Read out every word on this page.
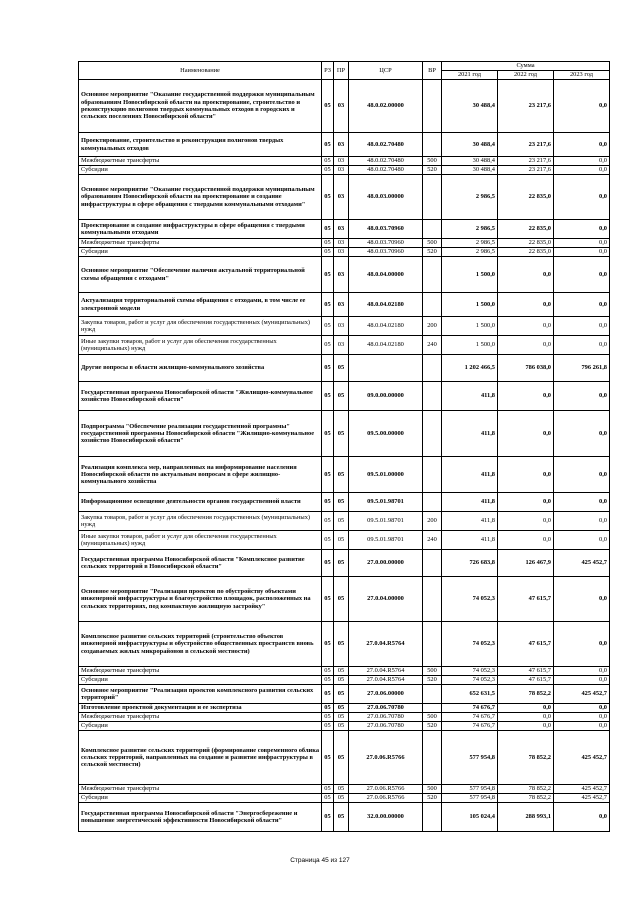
Наименование	РЗ	ПР	ЦСР	ВР	Сумма		
					2021 год	2022 год	2023 год
Основное мероприятие "Оказание государственной поддержки муниципальным образованиям Новосибирской области на проектирование, строительство и реконструкцию полигонов твердых коммунальных отходов в городских и сельских поселениях Новосибирской области"	05	03	48.0.02.00000		30 488,4	23 217,6	0,0
Проектирование, строительство и реконструкция полигонов твердых коммунальных отходов	05	03	48.0.02.70480		30 488,4	23 217,6	0,0
Межбюджетные трансферты	05	03	48.0.02.70480	500	30 488,4	23 217,6	0,0
Субсидии	05	03	48.0.02.70480	520	30 488,4	23 217,6	0,0
Основное мероприятие "Оказание государственной поддержки муниципальным образованиям Новосибирской области на проектирование и создание инфраструктуры в сфере обращения с твердыми коммунальными отходами"	05	03	48.0.03.00000		2 986,5	22 835,0	0,0
Проектирование и создание инфраструктуры в сфере обращения с твердыми коммунальными отходами	05	03	48.0.03.70960		2 986,5	22 835,0	0,0
Межбюджетные трансферты	05	03	48.0.03.70960	500	2 986,5	22 835,0	0,0
Субсидии	05	03	48.0.03.70960	520	2 986,5	22 835,0	0,0
Основное мероприятие "Обеспечение наличия актуальной территориальной схемы обращения с отходами"	05	03	48.0.04.00000		1 500,0	0,0	0,0
Актуализация территориальной схемы обращения с отходами, в том числе ее электронной модели	05	03	48.0.04.02180		1 500,0	0,0	0,0
Закупка товаров, работ и услуг для обеспечения государственных (муниципальных) нужд	05	03	48.0.04.02180	200	1 500,0	0,0	0,0
Иные закупки товаров, работ и услуг для обеспечения государственных (муниципальных) нужд	05	03	48.0.04.02180	240	1 500,0	0,0	0,0
Другие вопросы в области жилищно-коммунального хозяйства	05	05			1 202 466,5	786 038,0	796 261,8
Государственная программа Новосибирской области "Жилищно-коммунальное хозяйство Новосибирской области"	05	05	09.0.00.00000		411,8	0,0	0,0
Подпрограмма "Обеспечение реализации государственной программы" государственной программы Новосибирской области "Жилищно-коммунальное хозяйство Новосибирской области"	05	05	09.5.00.00000		411,8	0,0	0,0
Реализация комплекса мер, направленных на информирование населения Новосибирской области по актуальным вопросам в сфере жилищно-коммунального хозяйства	05	05	09.5.01.00000		411,8	0,0	0,0
Информационное освещение деятельности органов государственной власти	05	05	09.5.01.98701		411,8	0,0	0,0
Закупка товаров, работ и услуг для обеспечения государственных (муниципальных) нужд	05	05	09.5.01.98701	200	411,8	0,0	0,0
Иные закупки товаров, работ и услуг для обеспечения государственных (муниципальных) нужд	05	05	09.5.01.98701	240	411,8	0,0	0,0
Государственная программа Новосибирской области "Комплексное развитие сельских территорий в Новосибирской области"	05	05	27.0.00.00000		726 683,8	126 467,9	425 452,7
Основное мероприятие "Реализация проектов по обустройству объектами инженерной инфраструктуры и благоустройство площадок, расположенных на сельских территориях, под компактную жилищную застройку"	05	05	27.0.04.00000		74 052,3	47 615,7	0,0
Комплексное развитие сельских территорий (строительство объектов инженерной инфраструктуры и обустройство общественных пространств вновь создаваемых жилых микрорайонов в сельской местности)	05	05	27.0.04.R5764		74 052,3	47 615,7	0,0
Межбюджетные трансферты	05	05	27.0.04.R5764	500	74 052,3	47 615,7	0,0
Субсидии	05	05	27.0.04.R5764	520	74 052,3	47 615,7	0,0
Основное мероприятие "Реализация проектов комплексного развития сельских территорий"	05	05	27.0.06.00000		652 631,5	78 852,2	425 452,7
Изготовление проектной документации и ее экспертиза	05	05	27.0.06.70780		74 676,7	0,0	0,0
Межбюджетные трансферты	05	05	27.0.06.70780	500	74 676,7	0,0	0,0
Субсидии	05	05	27.0.06.70780	520	74 676,7	0,0	0,0
Комплексное развитие сельских территорий (формирование современного облика сельских территорий, направленных на создание и развитие инфраструктуры в сельской местности)	05	05	27.0.06.R5766		577 954,8	78 852,2	425 452,7
Межбюджетные трансферты	05	05	27.0.06.R5766	500	577 954,8	78 852,2	425 452,7
Субсидии	05	05	27.0.06.R5766	520	577 954,8	78 852,2	425 452,7
Государственная программа Новосибирской области "Энергосбережение и повышение энергетической эффективности Новосибирской области"	05	05	32.0.00.00000		105 024,4	288 993,1	0,0
Страница 45 из 127
